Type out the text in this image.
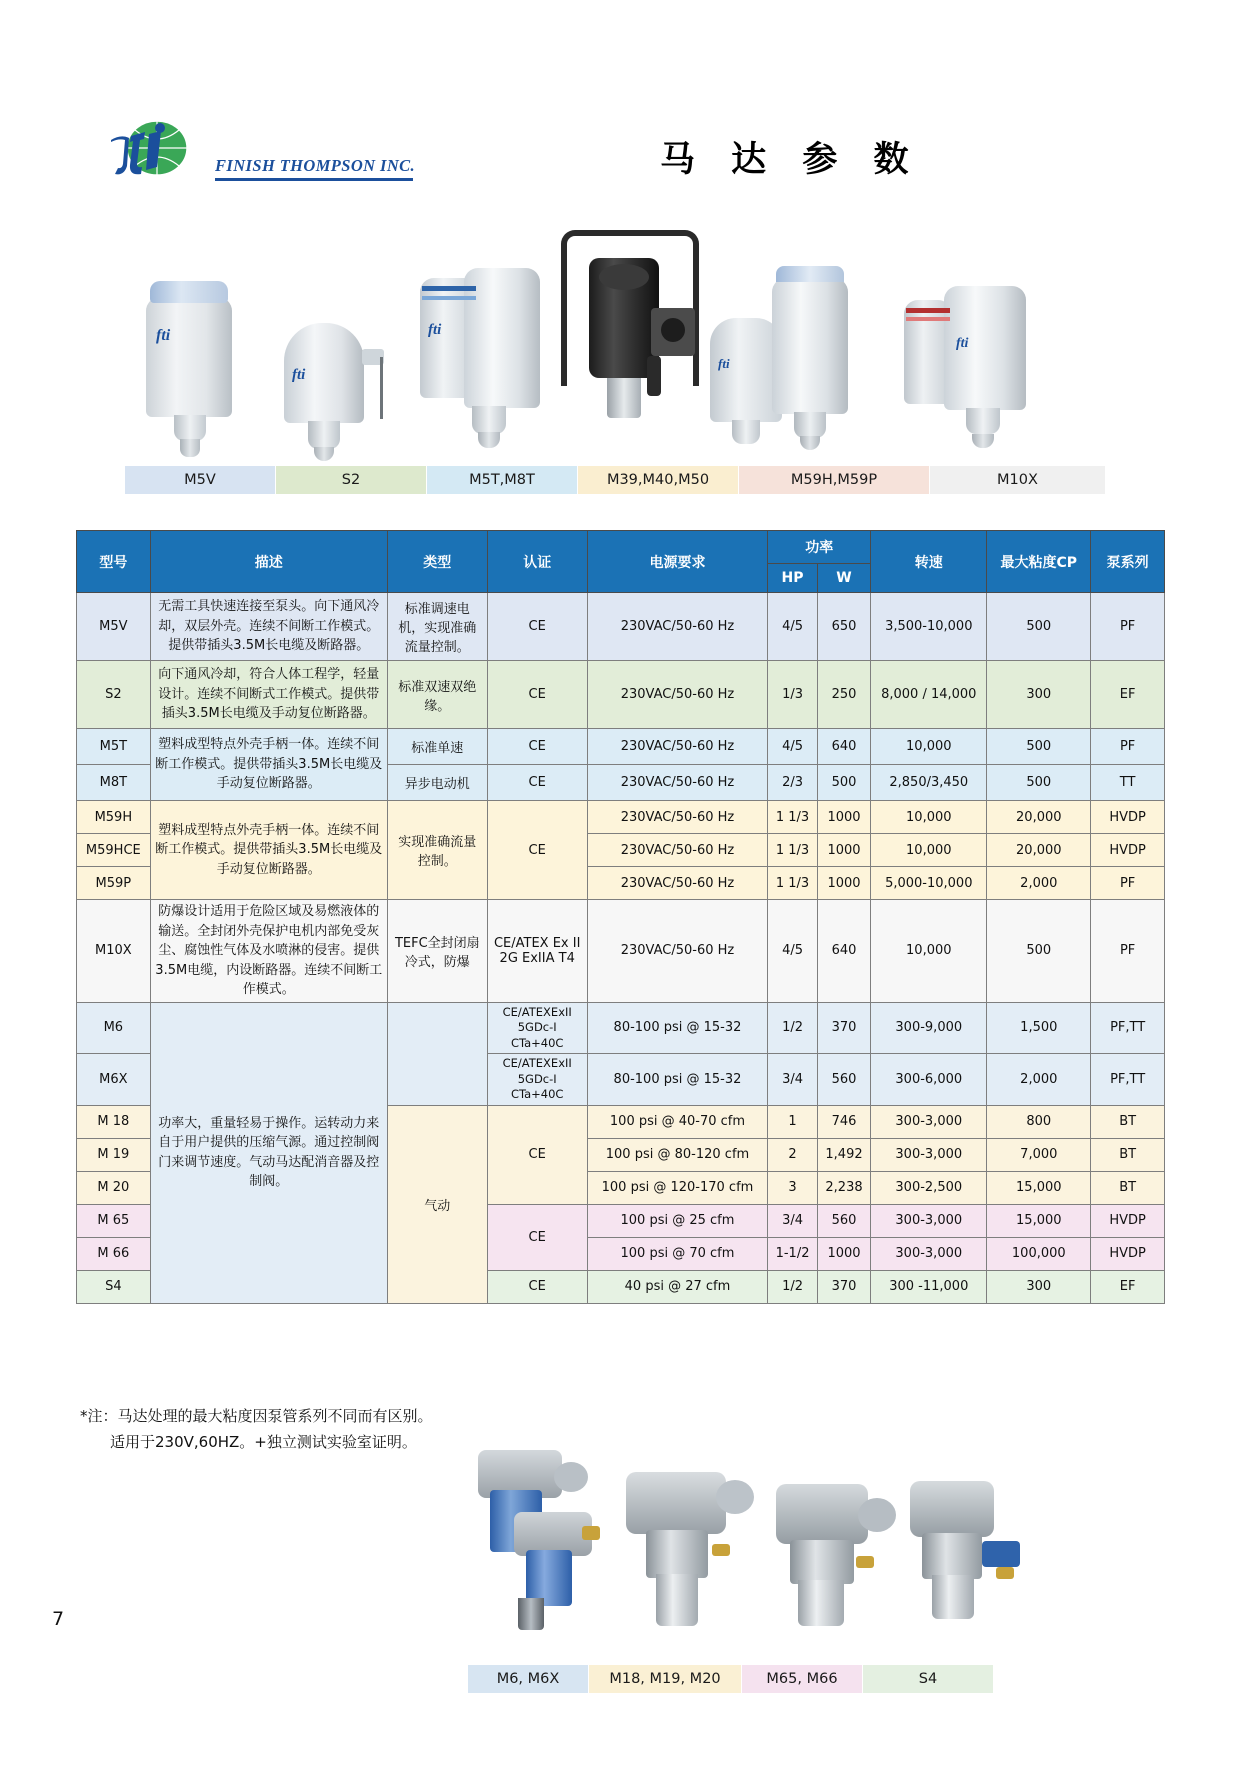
FINISH THOMPSON INC.	马 达 参 数
fti
fti
fti
fti
fti
M5V	S2	M5T,M8T	M39,M40,M50	M59H,M59P	M10X
型号	描述	类型	认证	电源要求	功率		转速	最大粘度CP	泵系列
					HP	W			
M5V	无需工具快速连接至泵头。向下通风冷却，双层外壳。连续不间断工作模式。提供带插头3.5M长电缆及断路器。	标准调速电机，实现准确流量控制。	CE	230VAC/50-60 Hz	4/5	650	3,500-10,000	500	PF
S2	向下通风冷却，符合人体工程学，轻量设计。连续不间断式工作模式。提供带插头3.5M长电缆及手动复位断路器。	标准双速双绝缘。	CE	230VAC/50-60 Hz	1/3	250	8,000 / 14,000	300	EF
M5T	塑料成型特点外壳手柄一体。连续不间断工作模式。提供带插头3.5M长电缆及手动复位断路器。	标准单速	CE	230VAC/50-60 Hz	4/5	640	10,000	500	PF
M8T		异步电动机	CE	230VAC/50-60 Hz	2/3	500	2,850/3,450	500	TT
M59H	塑料成型特点外壳手柄一体。连续不间断工作模式。提供带插头3.5M长电缆及手动复位断路器。	实现准确流量控制。	CE	230VAC/50-60 Hz	1 1/3	1000	10,000	20,000	HVDP
M59HCE				230VAC/50-60 Hz	1 1/3	1000	10,000	20,000	HVDP
M59P				230VAC/50-60 Hz	1 1/3	1000	5,000-10,000	2,000	PF
M10X	防爆设计适用于危险区域及易燃液体的输送。全封闭外壳保护电机内部免受灰尘、腐蚀性气体及水喷淋的侵害。提供3.5M电缆，内设断路器。连续不间断工作模式。	TEFC全封闭扇冷式，防爆	CE/ATEX Ex II 2G ExIIA T4	230VAC/50-60 Hz	4/5	640	10,000	500	PF
M6	功率大，重量轻易于操作。运转动力来自于用户提供的压缩气源。通过控制阀门来调节速度。气动马达配消音器及控制阀。		CE/ATEXExII 5GDc-I CTa+40C	80-100 psi @ 15-32	1/2	370	300-9,000	1,500	PF,TT
M6X			CE/ATEXExII 5GDc-I CTa+40C	80-100 psi @ 15-32	3/4	560	300-6,000	2,000	PF,TT
M 18		气动	CE	100 psi @ 40-70 cfm	1	746	300-3,000	800	BT
M 19				100 psi @ 80-120 cfm	2	1,492	300-3,000	7,000	BT
M 20				100 psi @ 120-170 cfm	3	2,238	300-2,500	15,000	BT
M 65			CE	100 psi @ 25 cfm	3/4	560	300-3,000	15,000	HVDP
M 66				100 psi @ 70 cfm	1-1/2	1000	300-3,000	100,000	HVDP
S4			CE	40 psi @ 27 cfm	1/2	370	300 -11,000	300	EF
*注：马达处理的最大粘度因泵管系列不同而有区别。
适用于230V,60HZ。+独立测试实验室证明。
M6, M6X	M18, M19, M20	M65, M66	S4
7
